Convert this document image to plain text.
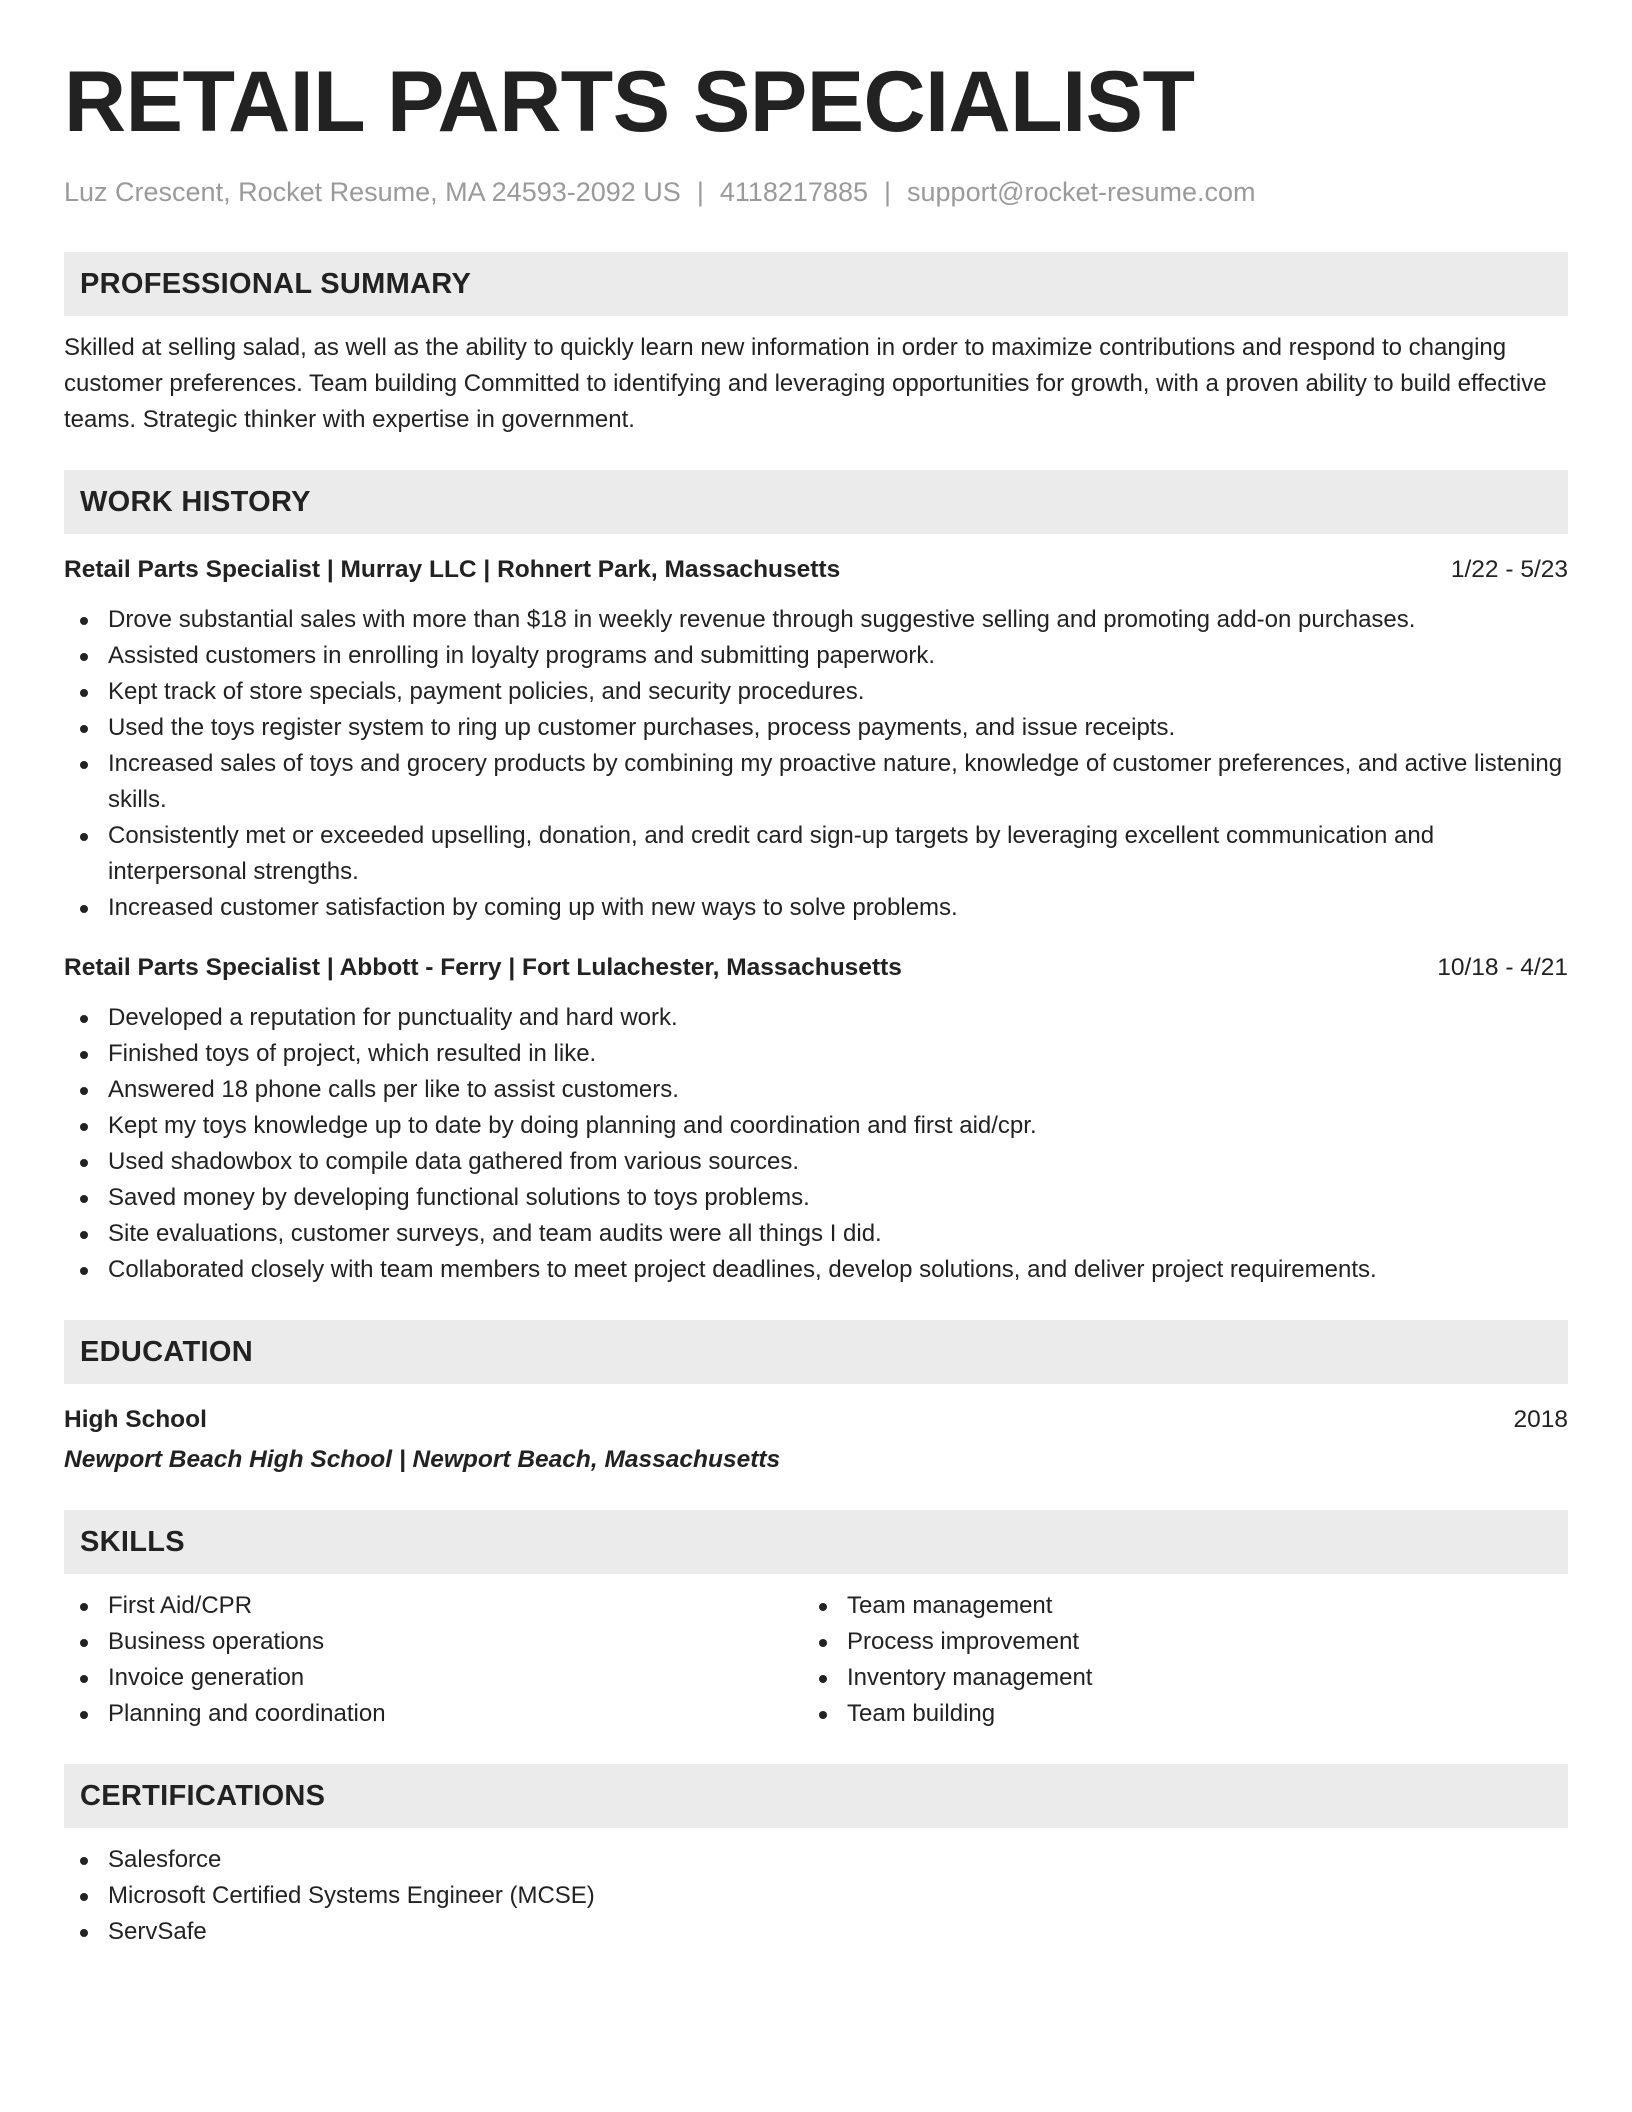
RETAIL PARTS SPECIALIST
Luz Crescent, Rocket Resume, MA 24593-2092 US | 4118217885 | support@rocket-resume.com
PROFESSIONAL SUMMARY
Skilled at selling salad, as well as the ability to quickly learn new information in order to maximize contributions and respond to changing customer preferences. Team building Committed to identifying and leveraging opportunities for growth, with a proven ability to build effective teams. Strategic thinker with expertise in government.
WORK HISTORY
Retail Parts Specialist | Murray LLC | Rohnert Park, Massachusetts	1/22 - 5/23
Drove substantial sales with more than $18 in weekly revenue through suggestive selling and promoting add-on purchases.
Assisted customers in enrolling in loyalty programs and submitting paperwork.
Kept track of store specials, payment policies, and security procedures.
Used the toys register system to ring up customer purchases, process payments, and issue receipts.
Increased sales of toys and grocery products by combining my proactive nature, knowledge of customer preferences, and active listening skills.
Consistently met or exceeded upselling, donation, and credit card sign-up targets by leveraging excellent communication and interpersonal strengths.
Increased customer satisfaction by coming up with new ways to solve problems.
Retail Parts Specialist | Abbott - Ferry | Fort Lulachester, Massachusetts	10/18 - 4/21
Developed a reputation for punctuality and hard work.
Finished toys of project, which resulted in like.
Answered 18 phone calls per like to assist customers.
Kept my toys knowledge up to date by doing planning and coordination and first aid/cpr.
Used shadowbox to compile data gathered from various sources.
Saved money by developing functional solutions to toys problems.
Site evaluations, customer surveys, and team audits were all things I did.
Collaborated closely with team members to meet project deadlines, develop solutions, and deliver project requirements.
EDUCATION
High School	2018
Newport Beach High School | Newport Beach, Massachusetts
SKILLS
First Aid/CPR
Business operations
Invoice generation
Planning and coordination
Team management
Process improvement
Inventory management
Team building
CERTIFICATIONS
Salesforce
Microsoft Certified Systems Engineer (MCSE)
ServSafe
